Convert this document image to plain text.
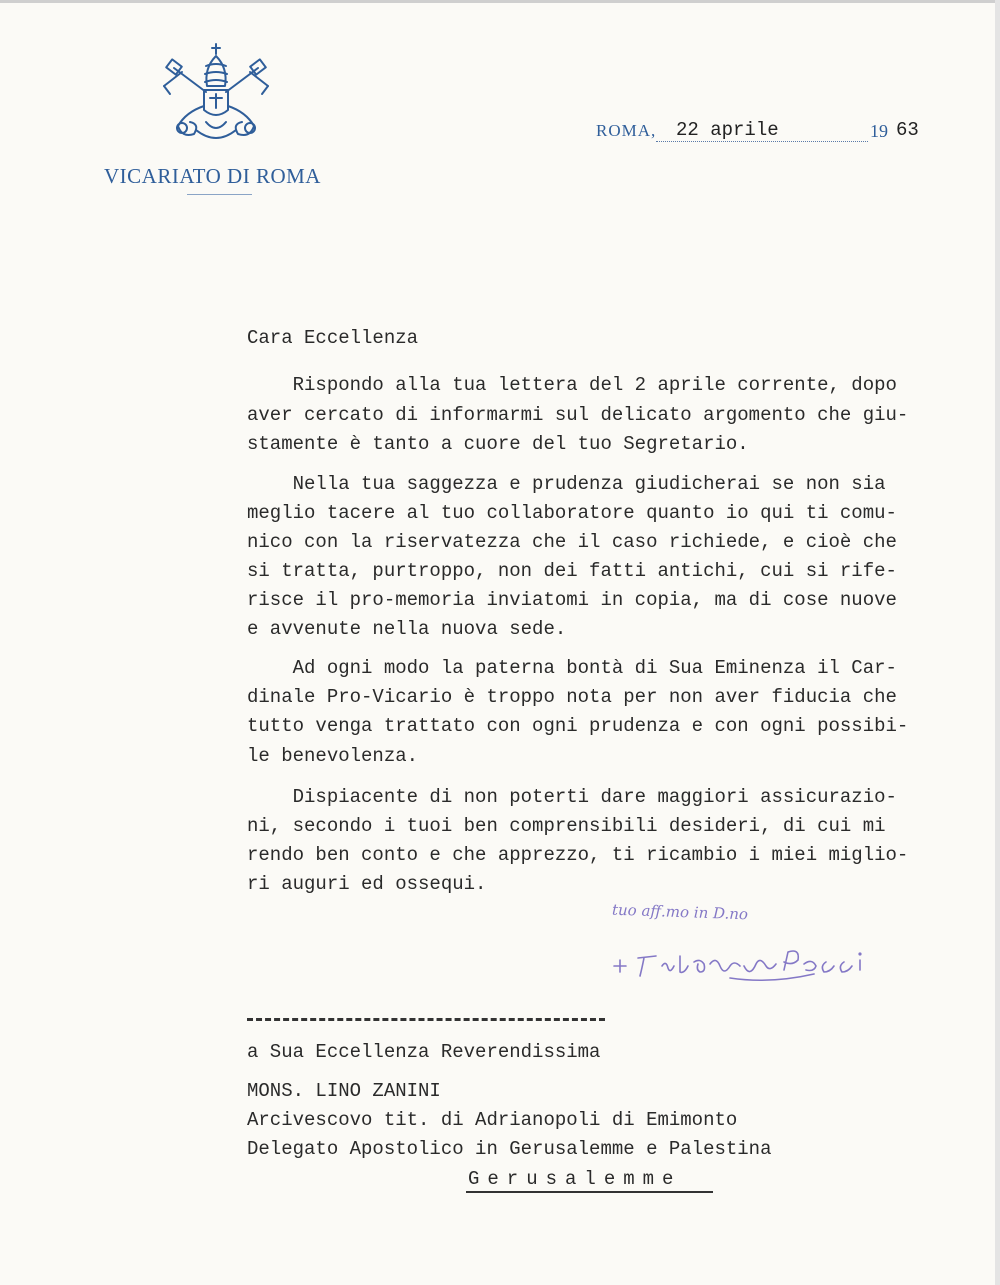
VICARIATO DI ROMA
ROMA, 22 aprile	19 63
Cara Eccellenza
Rispondo alla tua lettera del 2 aprile corrente, dopo
aver cercato di informarmi sul delicato argomento che giu-
stamente è tanto a cuore del tuo Segretario.
Nella tua saggezza e prudenza giudicherai se non sia
meglio tacere al tuo collaboratore quanto io qui ti comu-
nico con la riservatezza che il caso richiede, e cioè che
si tratta, purtroppo, non dei fatti antichi, cui si rife-
risce il pro-memoria inviatomi in copia, ma di cose nuove
e avvenute nella nuova sede.
Ad ogni modo la paterna bontà di Sua Eminenza il Car-
dinale Pro-Vicario è troppo nota per non aver fiducia che
tutto venga trattato con ogni prudenza e con ogni possibi-
le benevolenza.
Dispiacente di non poterti dare maggiori assicurazio-
ni, secondo i tuoi ben comprensibili desideri, di cui mi
rendo ben conto e che apprezzo, ti ricambio i miei miglio-
ri auguri ed ossequi.
tuo aff.mo in D.no
a Sua Eccellenza Reverendissima
MONS. LINO ZANINI
Arcivescovo tit. di Adrianopoli di Emimonto
Delegato Apostolico in Gerusalemme e Palestina
Gerusalemme
